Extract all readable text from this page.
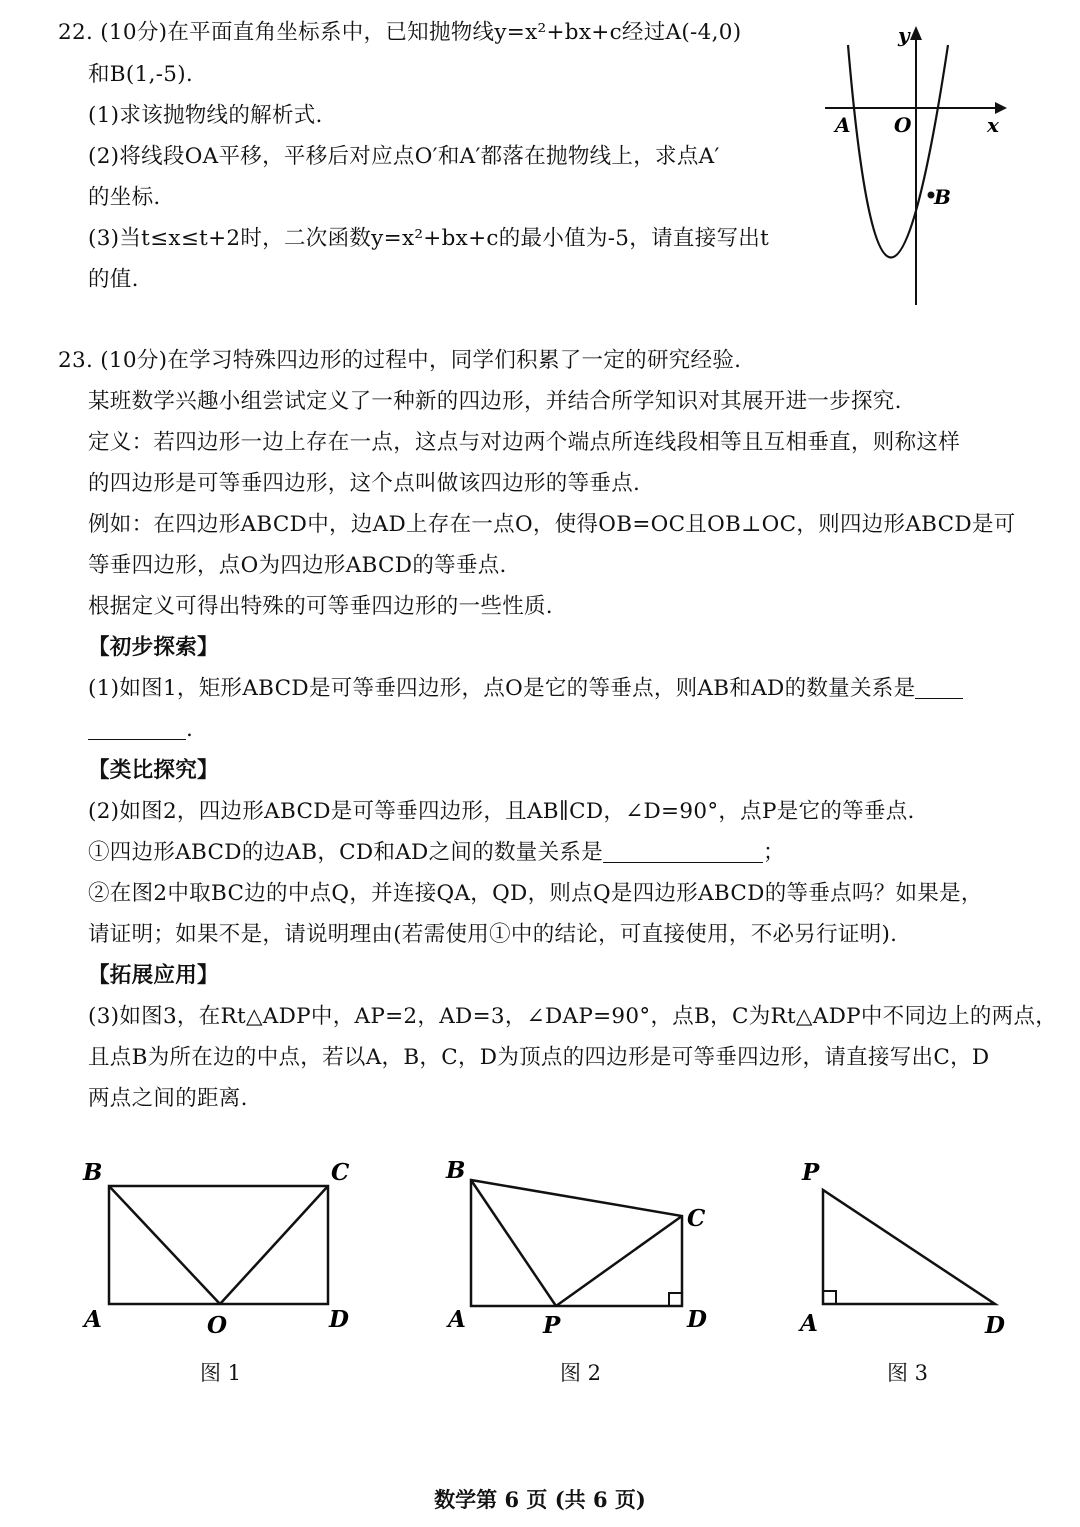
22. (10分)在平面直角坐标系中，已知抛物线y=x²+bx+c经过A(-4,0)
和B(1,-5).
(1)求该抛物线的解析式.
(2)将线段OA平移，平移后对应点O′和A′都落在抛物线上，求点A′
的坐标.
(3)当t≤x≤t+2时，二次函数y=x²+bx+c的最小值为-5，请直接写出t
的值.
y
x
A O
B
23. (10分)在学习特殊四边形的过程中，同学们积累了一定的研究经验.
某班数学兴趣小组尝试定义了一种新的四边形，并结合所学知识对其展开进一步探究.
定义：若四边形一边上存在一点，这点与对边两个端点所连线段相等且互相垂直，则称这样
的四边形是可等垂四边形，这个点叫做该四边形的等垂点.
例如：在四边形ABCD中，边AD上存在一点O，使得OB=OC且OB⊥OC，则四边形ABCD是可
等垂四边形，点O为四边形ABCD的等垂点.
根据定义可得出特殊的可等垂四边形的一些性质.
【初步探索】
(1)如图1，矩形ABCD是可等垂四边形，点O是它的等垂点，则AB和AD的数量关系是
.
【类比探究】
(2)如图2，四边形ABCD是可等垂四边形，且AB∥CD，∠D=90°，点P是它的等垂点.
①四边形ABCD的边AB，CD和AD之间的数量关系是	；
②在图2中取BC边的中点Q，并连接QA，QD，则点Q是四边形ABCD的等垂点吗？如果是，
请证明；如果不是，请说明理由(若需使用①中的结论，可直接使用，不必另行证明).
【拓展应用】
(3)如图3，在Rt△ADP中，AP=2，AD=3，∠DAP=90°，点B，C为Rt△ADP中不同边上的两点，
且点B为所在边的中点，若以A，B，C，D为顶点的四边形是可等垂四边形，请直接写出C，D
两点之间的距离.
B	C
A	O	D
B
C
A	P	D
P
A	D
图 1	图 2	图 3
数学第 6 页 (共 6 页)
